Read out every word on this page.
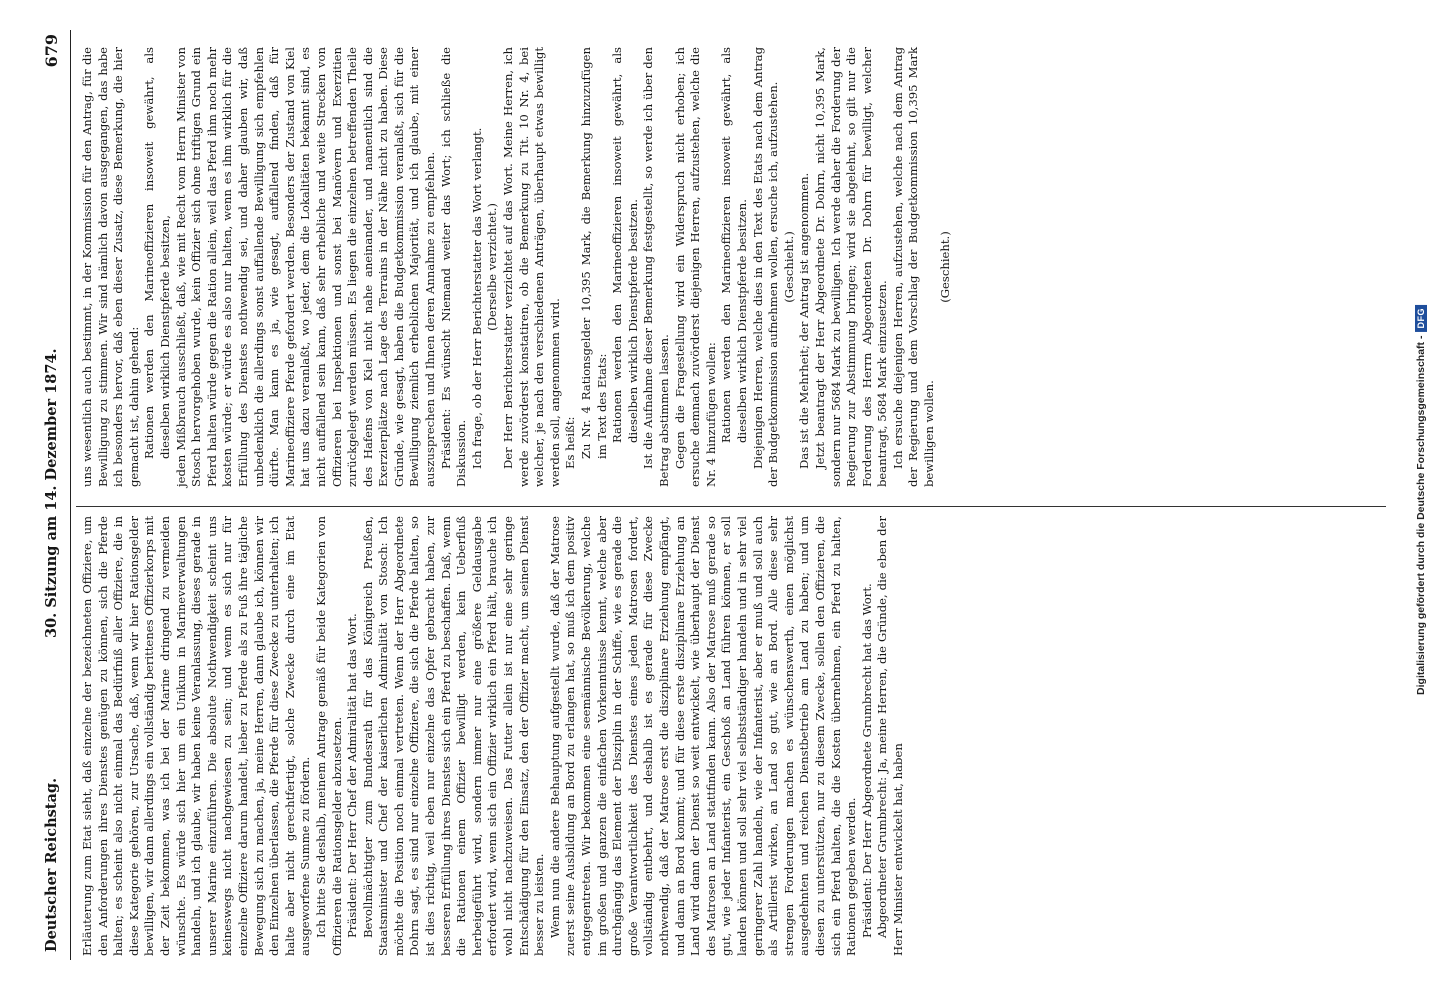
Deutscher Reichstag.
30. Sitzung am 14. Dezember 1874.
679

Erläuterung zum Etat sieht, daß einzelne der bezeichneten Offiziere, um den Anforderungen ihres Dienstes genügen zu können, sich die Pferde halten; es scheint also nicht einmal das Bedürfniß aller Offiziere, die in diese Kategorie gehören, zur Ursache, daß, wenn wir hier Rationsgelder bewilligen, wir dann allerdings ein vollständig berittenes Offizierkorps mit der Zeit bekommen, was ich bei der Marine dringend zu vermeiden wünschte. Es würde sich hier um ein Unikum in Marineverwaltungen handeln, und ich glaube, wir haben keine Veranlassung, dieses gerade in unserer Marine einzuführen. Die absolute Nothwendigkeit scheint uns keineswegs nicht nachgewiesen zu sein; und wenn es sich nur für einzelne Offiziere darum handelt, lieber zu Pferde als zu Fuß ihre tägliche Bewegung sich zu machen, ja, meine Herren, dann glaube ich, können wir den Einzelnen überlassen, die Pferde für diese Zwecke zu unterhalten; ich halte aber nicht gerechtfertigt, solche Zwecke durch eine im Etat ausgeworfene Summe zu fördern. Ich bitte Sie deshalb, meinem Antrage gemäß für beide Kategorien von Offizieren die Rationsgelder abzusetzen. Präsident: Der Herr Chef der Admiralität hat das Wort. Bevollmächtigter zum Bundesrath für das Königreich Preußen, Staatsminister und Chef der kaiserlichen Admiralität von Stosch: Ich möchte die Position noch einmal vertreten. Wenn der Herr Abgeordnete Dohrn sagt, es sind nur einzelne Offiziere, die sich die Pferde halten, so ist dies richtig, weil eben nur einzelne das Opfer gebracht haben, zur besseren Erfüllung ihres Dienstes sich ein Pferd zu beschaffen. Daß, wenn die Rationen einem Offizier bewilligt werden, kein Ueberfluß herbeigeführt wird, sondern immer nur eine größere Geldausgabe erfordert wird, wenn sich ein Offizier wirklich ein Pferd hält, brauche ich wohl nicht nachzuweisen. Das Futter allein ist nur eine sehr geringe Entschädigung für den Einsatz, den der Offizier macht, um seinen Dienst besser zu leisten. Wenn nun die andere Behauptung aufgestellt wurde, daß der Matrose zuerst seine Ausbildung an Bord zu erlangen hat, so muß ich dem positiv entgegentreten. Wir bekommen eine seemännische Bevölkerung, welche im großen und ganzen die einfachen Vorkenntnisse kennt, welche aber durchgängig das Element der Disziplin in der Schiffe, wie es gerade die große Verantwortlichkeit des Dienstes eines jeden Matrosen fordert, vollständig entbehrt, und deshalb ist es gerade für diese Zwecke nothwendig, daß der Matrose erst die disziplinare Erziehung empfängt, und dann an Bord kommt; und für diese erste disziplinare Erziehung an Land wird dann der Dienst so weit entwickelt, wie überhaupt der Dienst des Matrosen an Land stattfinden kann. Also der Matrose muß gerade so gut, wie jeder Infanterist, ein Geschoß an Land führen können, er soll landen können und soll sehr viel selbstständiger handeln und in sehr viel geringerer Zahl handeln, wie der Infanterist, aber er muß und soll auch als Artillerist wirken, an Land so gut, wie an Bord. Alle diese sehr strengen Forderungen machen es wünschenswerth, einen möglichst ausgedehnten und reichen Dienstbetrieb am Land zu haben; und um diesen zu unterstützen, nur zu diesem Zwecke, sollen den Offizieren, die sich ein Pferd halten, die die Kosten übernehmen, ein Pferd zu halten, Rationen gegeben werden. Präsident: Der Herr Abgeordnete Grumbrecht hat das Wort. Abgeordneter Grumbrecht: Ja, meine Herren, die Gründe, die eben der Herr Minister entwickelt hat, haben

uns wesentlich auch bestimmt, in der Kommission für den Antrag, für die Bewilligung zu stimmen. Wir sind nämlich davon ausgegangen, das habe ich besonders hervor, daß eben dieser Zusatz, diese Bemerkung, die hier gemacht ist, dahin gehend: Rationen werden den Marineoffizieren insoweit gewährt, als dieselben wirklich Dienstpferde besitzen, jeden Mißbrauch ausschließt, daß, wie mit Recht vom Herrn Minister von Stosch hervorgehoben wurde, kein Offizier sich ohne triftigen Grund ein Pferd halten würde gegen die Ration allein, weil das Pferd ihm noch mehr kosten würde; er würde es also nur halten, wenn es ihm wirklich für die Erfüllung des Dienstes nothwendig sei, und daher glauben wir, daß unbedenklich die allerdings sonst auffallende Bewilligung sich empfehlen dürfte. Man kann es ja, wie gesagt, auffallend finden, daß für Marineoffiziere Pferde gefordert werden. Besonders der Zustand von Kiel hat uns dazu veranlaßt, wo jeder, dem die Lokalitäten bekannt sind, es nicht auffallend sein kann, daß sehr erhebliche und weite Strecken von Offizieren bei Inspektionen und sonst bei Manövern und Exerzitien zurückgelegt werden müssen. Es liegen die einzelnen betreffenden Theile des Hafens von Kiel nicht nahe aneinander, und namentlich sind die Exerzierplätze nach Lage des Terrains in der Nähe nicht zu haben. Diese Gründe, wie gesagt, haben die Budgetkommission veranlaßt, sich für die Bewilligung ziemlich erheblichen Majorität, und ich glaube, mit einer auszusprechen und Ihnen deren Annahme zu empfehlen. Präsident: Es wünscht Niemand weiter das Wort; ich schließe die Diskussion. Ich frage, ob der Herr Berichterstatter das Wort verlangt. (Derselbe verzichtet.) Der Herr Berichterstatter verzichtet auf das Wort. Meine Herren, ich werde zuvörderst konstatiren, ob die Bemerkung zu Tit. 10 Nr. 4, bei welcher, je nach den verschiedenen Anträgen, überhaupt etwas bewilligt werden soll, angenommen wird. Es heißt: Zu Nr. 4 Rationsgelder 10,395 Mark, die Bemerkung hinzuzufügen im Text des Etats: Rationen werden den Marineoffizieren insoweit gewährt, als dieselben wirklich Dienstpferde besitzen. Ist die Aufnahme dieser Bemerkung festgestellt, so werde ich über den Betrag abstimmen lassen. Gegen die Fragestellung wird ein Widerspruch nicht erhoben; ich ersuche demnach zuvörderst diejenigen Herren, aufzustehen, welche die Nr. 4 hinzufügen wollen: Rationen werden den Marineoffizieren insoweit gewährt, als dieselben wirklich Dienstpferde besitzen. Diejenigen Herren, welche dies in den Text des Etats nach dem Antrag der Budgetkommission aufnehmen wollen, ersuche ich, aufzustehen. (Geschieht.) Das ist die Mehrheit; der Antrag ist angenommen. Jetzt beantragt der Herr Abgeordnete Dr. Dohrn, nicht 10,395 Mark, sondern nur 5684 Mark zu bewilligen. Ich werde daher die Forderung der Regierung zur Abstimmung bringen; wird sie abgelehnt, so gilt nur die Forderung des Herrn Abgeordneten Dr. Dohrn für bewilligt, welcher beantragt, 5684 Mark einzusetzen. Ich ersuche diejenigen Herren, aufzustehen, welche nach dem Antrag der Regierung und dem Vorschlag der Budgetkommission 10,395 Mark bewilligen wollen.

(Geschieht.)

Digitalisierung gefördert durch die Deutsche Forschungsgemeinschaft -DFG
